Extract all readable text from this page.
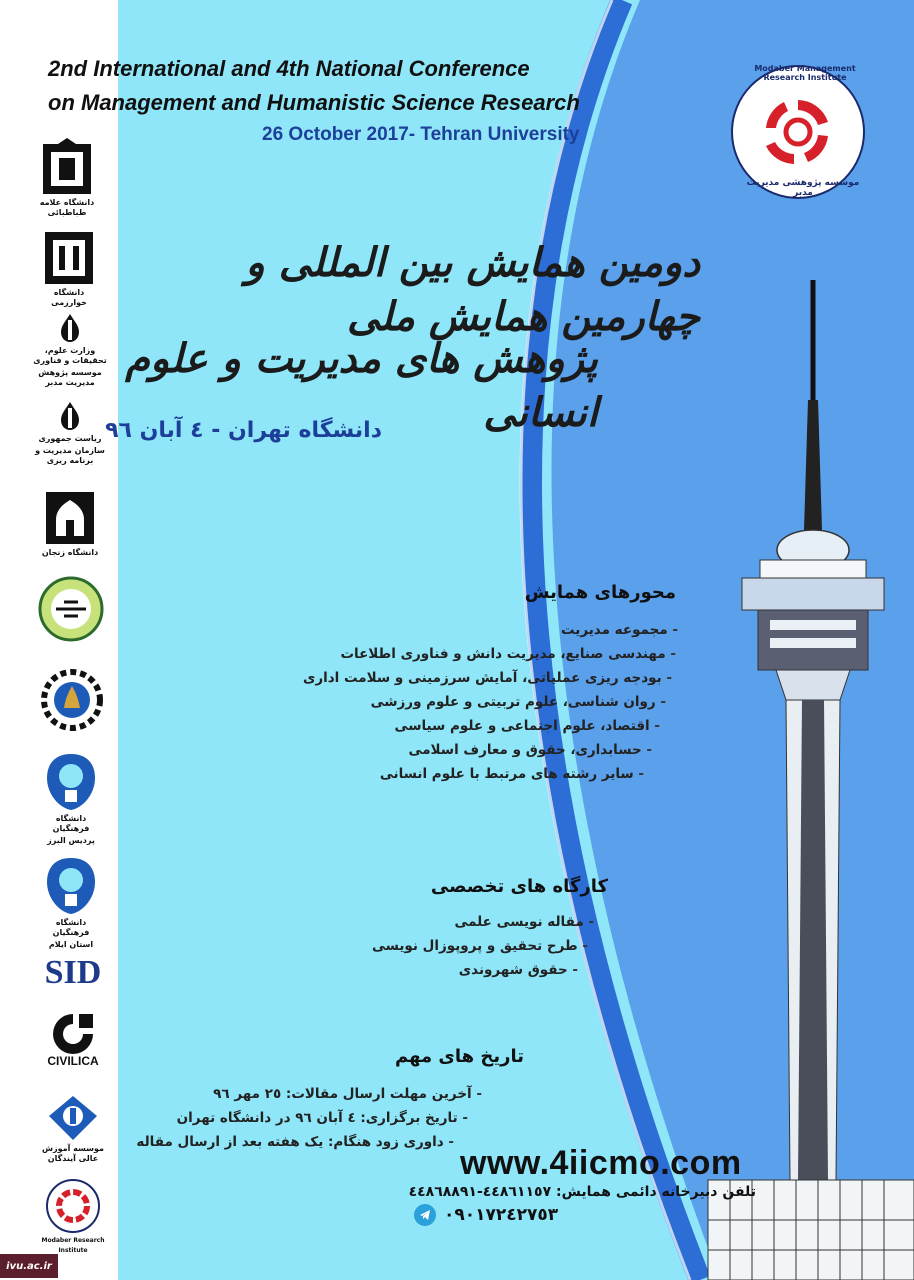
Modaber Management Research Institute
موسسه پژوهشی مدیریت مدبر
2nd International and 4th National Conference
on Management and Humanistic Science Research
26 October 2017- Tehran University
دومین همایش بین المللی و چهارمین همایش ملی
پژوهش های مدیریت و علوم انسانی
دانشگاه تهران - ٤ آبان ٩٦
محورهای همایش
- مجموعه مدیریت
- مهندسی صنایع، مدیریت دانش و فناوری اطلاعات
- بودجه ریزی عملیاتی، آمایش سرزمینی و سلامت اداری
- روان شناسی، علوم تربیتی و علوم ورزشی
- اقتصاد، علوم اجتماعی و علوم سیاسی
- حسابداری، حقوق و معارف اسلامی
- سایر رشته های مرتبط با علوم انسانی
کارگاه های تخصصی
- مقاله نویسی علمی
- طرح تحقیق و پروپوزال نویسی
- حقوق شهروندی
تاریخ های مهم
- آخرین مهلت ارسال مقالات: ٢٥ مهر ٩٦
- تاریخ برگزاری: ٤ آبان ٩٦ در دانشگاه تهران
- داوری زود هنگام: یک هفته بعد از ارسال مقاله
www.4iicmo.com
تلفن دبیرخانه دائمی همایش: ٤٤٨٦١١٥٧-٤٤٨٦٨٨٩١
٠٩٠١٧٢٤٢٧٥٣
دانشگاه علامه طباطبائی
دانشگاه خوارزمی
وزارت علوم، تحقیقات و فناوری
موسسه پژوهش مدیریت مدبر
ریاست جمهوری
سازمان مدیریت و برنامه ریزی
دانشگاه زنجان
دانشگاه فرهنگیان
پردیس البرز
دانشگاه فرهنگیان
استان ایلام
SID
CIVILICA
موسسه آموزش عالی آیندگان
Modaber Research Institute
ivu.ac.ir
